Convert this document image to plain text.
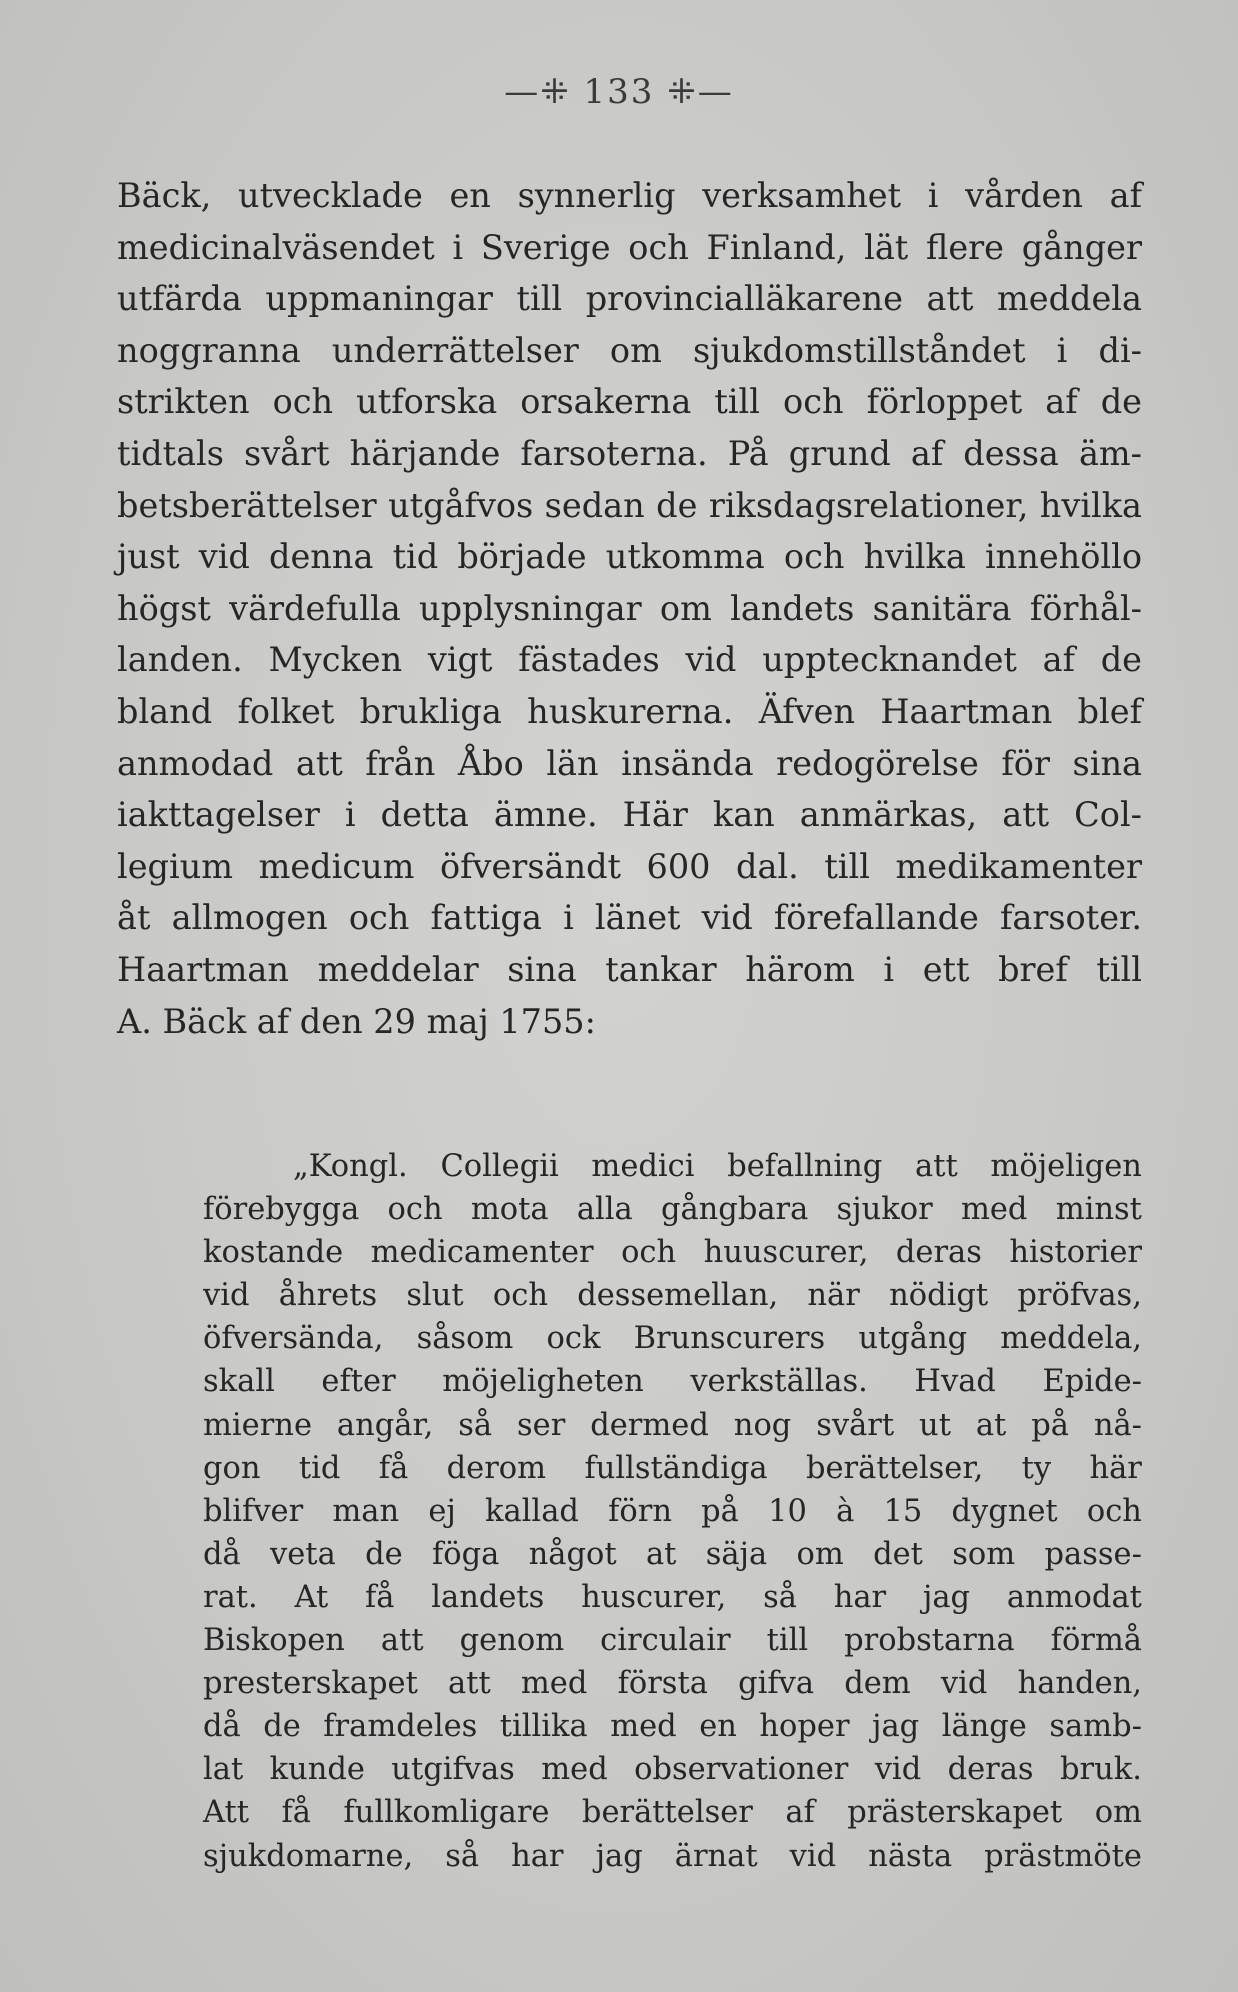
—⁜ 133 ⁜—
Bäck, utvecklade en synnerlig verksamhet i vården af
medicinalväsendet i Sverige och Finland, lät flere gånger
utfärda uppmaningar till provincialläkarene att meddela
noggranna underrättelser om sjukdomstillståndet i di-
strikten och utforska orsakerna till och förloppet af de
tidtals svårt härjande farsoterna. På grund af dessa äm-
betsberättelser utgåfvos sedan de riksdagsrelationer, hvilka
just vid denna tid började utkomma och hvilka innehöllo
högst värdefulla upplysningar om landets sanitära förhål-
landen. Mycken vigt fästades vid upptecknandet af de
bland folket brukliga huskurerna. Äfven Haartman blef
anmodad att från Åbo län insända redogörelse för sina
iakttagelser i detta ämne. Här kan anmärkas, att Col-
legium medicum öfversändt 600 dal. till medikamenter
åt allmogen och fattiga i länet vid förefallande farsoter.
Haartman meddelar sina tankar härom i ett bref till
A. Bäck af den 29 maj 1755:
„Kongl. Collegii medici befallning att möjeligen
förebygga och mota alla gångbara sjukor med minst
kostande medicamenter och huuscurer, deras historier
vid åhrets slut och dessemellan, när nödigt pröfvas,
öfversända, såsom ock Brunscurers utgång meddela,
skall efter möjeligheten verkställas. Hvad Epide-
mierne angår, så ser dermed nog svårt ut at på nå-
gon tid få derom fullständiga berättelser, ty här
blifver man ej kallad förn på 10 à 15 dygnet och
då veta de föga något at säja om det som passe-
rat. At få landets huscurer, så har jag anmodat
Biskopen att genom circulair till probstarna förmå
presterskapet att med första gifva dem vid handen,
då de framdeles tillika med en hoper jag länge samb-
lat kunde utgifvas med observationer vid deras bruk.
Att få fullkomligare berättelser af prästerskapet om
sjukdomarne, så har jag ärnat vid nästa prästmöte
